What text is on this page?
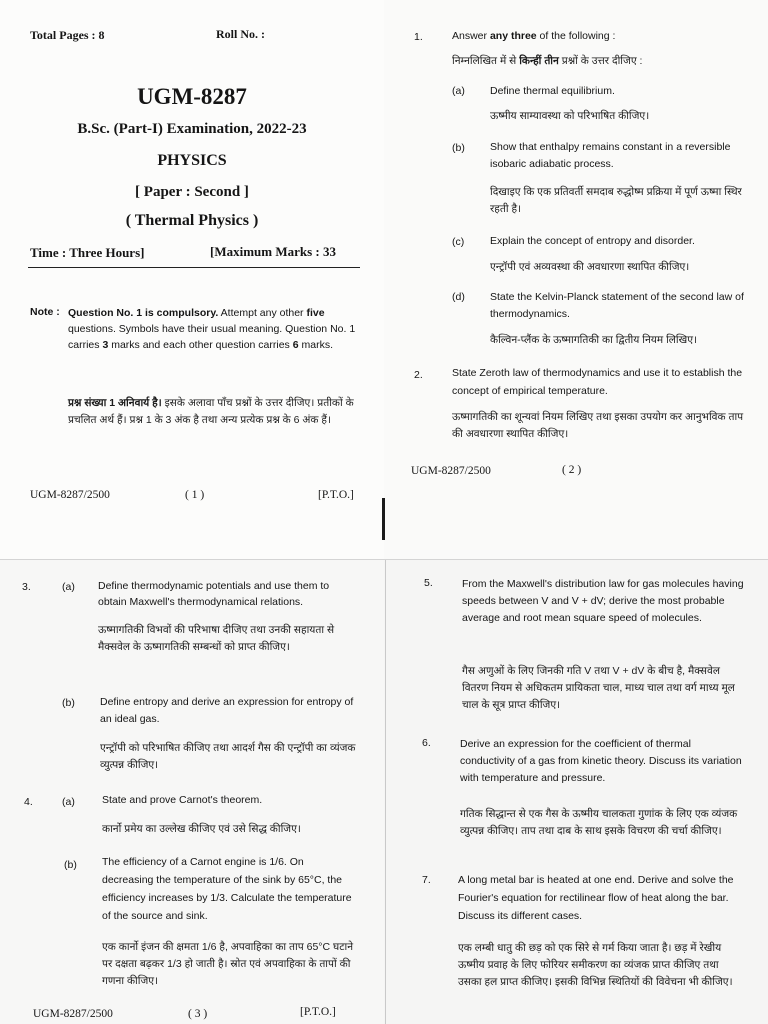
Total Pages : 8	Roll No. :
UGM-8287
B.Sc. (Part-I) Examination, 2022-23
PHYSICS
[ Paper : Second ]
( Thermal Physics )
Time : Three Hours]	[Maximum Marks : 33
Note : Question No. 1 is compulsory. Attempt any other five questions. Symbols have their usual meaning. Question No. 1 carries 3 marks and each other question carries 6 marks.
प्रश्न संख्या 1 अनिवार्य है। इसके अलावा पाँच प्रश्नों के उत्तर दीजिए। प्रतीकों के प्रचलित अर्थ हैं। प्रश्न 1 के 3 अंक है तथा अन्य प्रत्येक प्रश्न के 6 अंक हैं।
UGM-8287/2500	( 1 )	[P.T.O.]
1.	Answer any three of the following :
निम्नलिखित में से किन्हीं तीन प्रश्नों के उत्तर दीजिए :
(a) Define thermal equilibrium.
ऊष्मीय साम्यावस्था को परिभाषित कीजिए।
(b) Show that enthalpy remains constant in a reversible isobaric adiabatic process.
दिखाइए कि एक प्रतिवर्ती समदाब रुद्धोष्म प्रक्रिया में पूर्ण ऊष्मा स्थिर रहती है।
(c) Explain the concept of entropy and disorder.
एन्ट्रॉपी एवं अव्यवस्था की अवधारणा स्थापित कीजिए।
(d) State the Kelvin-Planck statement of the second law of thermodynamics.
कैल्विन-प्लैंक के ऊष्मागतिकी का द्वितीय नियम लिखिए।
2.	State Zeroth law of thermodynamics and use it to establish the concept of empirical temperature.
ऊष्मागतिकी का शून्यवां नियम लिखिए तथा इसका उपयोग कर आनुभविक ताप की अवधारणा स्थापित कीजिए।
UGM-8287/2500	( 2 )
3.	(a) Define thermodynamic potentials and use them to obtain Maxwell's thermodynamical relations.
ऊष्मागतिकी विभवों की परिभाषा दीजिए तथा उनकी सहायता से मैक्सवेल के ऊष्मागतिकी सम्बन्धों को प्राप्त कीजिए।
(b) Define entropy and derive an expression for entropy of an ideal gas.
एन्ट्रॉपी को परिभाषित कीजिए तथा आदर्श गैस की एन्ट्रॉपी का व्यंजक व्युत्पन्न कीजिए।
4.	(a)	State and prove Carnot's theorem.
कार्नो प्रमेय का उल्लेख कीजिए एवं उसे सिद्ध कीजिए।
(b) The efficiency of a Carnot engine is 1/6. On decreasing the temperature of the sink by 65°C, the efficiency increases by 1/3. Calculate the temperature of the source and sink.
एक कार्नो इंजन की क्षमता 1/6 है, अपवाहिका का ताप 65°C घटाने पर दक्षता बढ़कर 1/3 हो जाती है। स्रोत एवं अपवाहिका के तापों की गणना कीजिए।
UGM-8287/2500	( 3 )	[P.T.O.]
5.	From the Maxwell's distribution law for gas molecules having speeds between V and V + dV; derive the most probable average and root mean square speed of molecules.
गैस अणुओं के लिए जिनकी गति V तथा V + dV के बीच है, मैक्सवेल वितरण नियम से अधिकतम प्रायिकता चाल, माध्य चाल तथा वर्ग माध्य मूल चाल के सूत्र प्राप्त कीजिए।
6.	Derive an expression for the coefficient of thermal conductivity of a gas from kinetic theory. Discuss its variation with temperature and pressure.
गतिक सिद्धान्त से एक गैस के ऊष्मीय चालकता गुणांक के लिए एक व्यंजक व्युत्पन्न कीजिए। ताप तथा दाब के साथ इसके विचरण की चर्चा कीजिए।
7.	A long metal bar is heated at one end. Derive and solve the Fourier's equation for rectilinear flow of heat along the bar. Discuss its different cases.
एक लम्बी धातु की छड़ को एक सिरे से गर्म किया जाता है। छड़ में रेखीय ऊष्मीय प्रवाह के लिए फोरियर समीकरण का व्यंजक प्राप्त कीजिए तथा उसका हल प्राप्त कीजिए। इसकी विभिन्न स्थितियों की विवेचना भी कीजिए।
